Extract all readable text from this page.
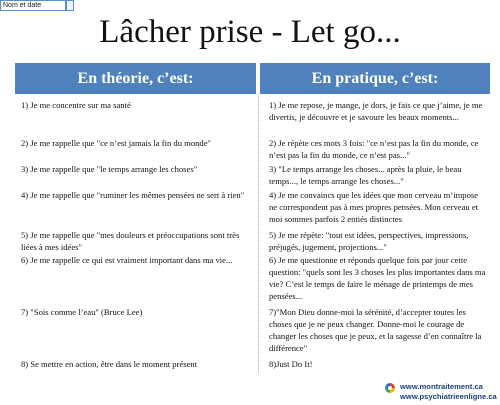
Nom et date
Lâcher prise - Let go...
En théorie, c’est:	En pratique, c’est:
1) Je me concentre sur ma santé
2) Je me rappelle que "ce n’est jamais la fin du monde"
3) Je me rappelle que "le temps arrange les choses"
4) Je me rappelle que "ruminer les mêmes pensées ne sert à rien"
5) Je me rappelle que "mes douleurs et préoccupations sont très liées à mes idées"
6) Je me rappelle ce qui est vraiment important dans ma vie...
7) "Sois comme l’eau" (Bruce Lee)
8) Se mettre en action, être dans le moment présent
1) Je me repose, je mange, je dors, je fais ce que j’aime, je me divertis, je découvre et je savoure les beaux moments...
2) Je répète ces mots 3 fois: "ce n’est pas la fin du monde, ce n’est pas la fin du monde, ce n’est pas..."
3) "Le temps arrange les choses... après la pluie, le beau temps..., le temps arrange les choses..."
4) Je me convaincs que les idées que mon cerveau m’impose ne correspondent pas à mes propres pensées. Mon cerveau et moi sommes parfois 2 entiés distinctes
5) Je me répète: "tout est idées, perspectives, impressions, préjugés, jugement, projections..."
6) Je me questionne et réponds quelque fois par jour cette question: "quels sont les 3 choses les plus importantes dans ma vie? C’est le temps de faire le ménage de printemps de mes pensées...
7)"Mon Dieu donne-moi la sérénité, d’accepter toutes les choses que je ne peux changer. Donne-moi le courage de changer les choses que je peux, et la sagesse d’en connaître la différence"
8)Just Do It!
www.montraitement.ca
www.psychiatrieenligne.ca
